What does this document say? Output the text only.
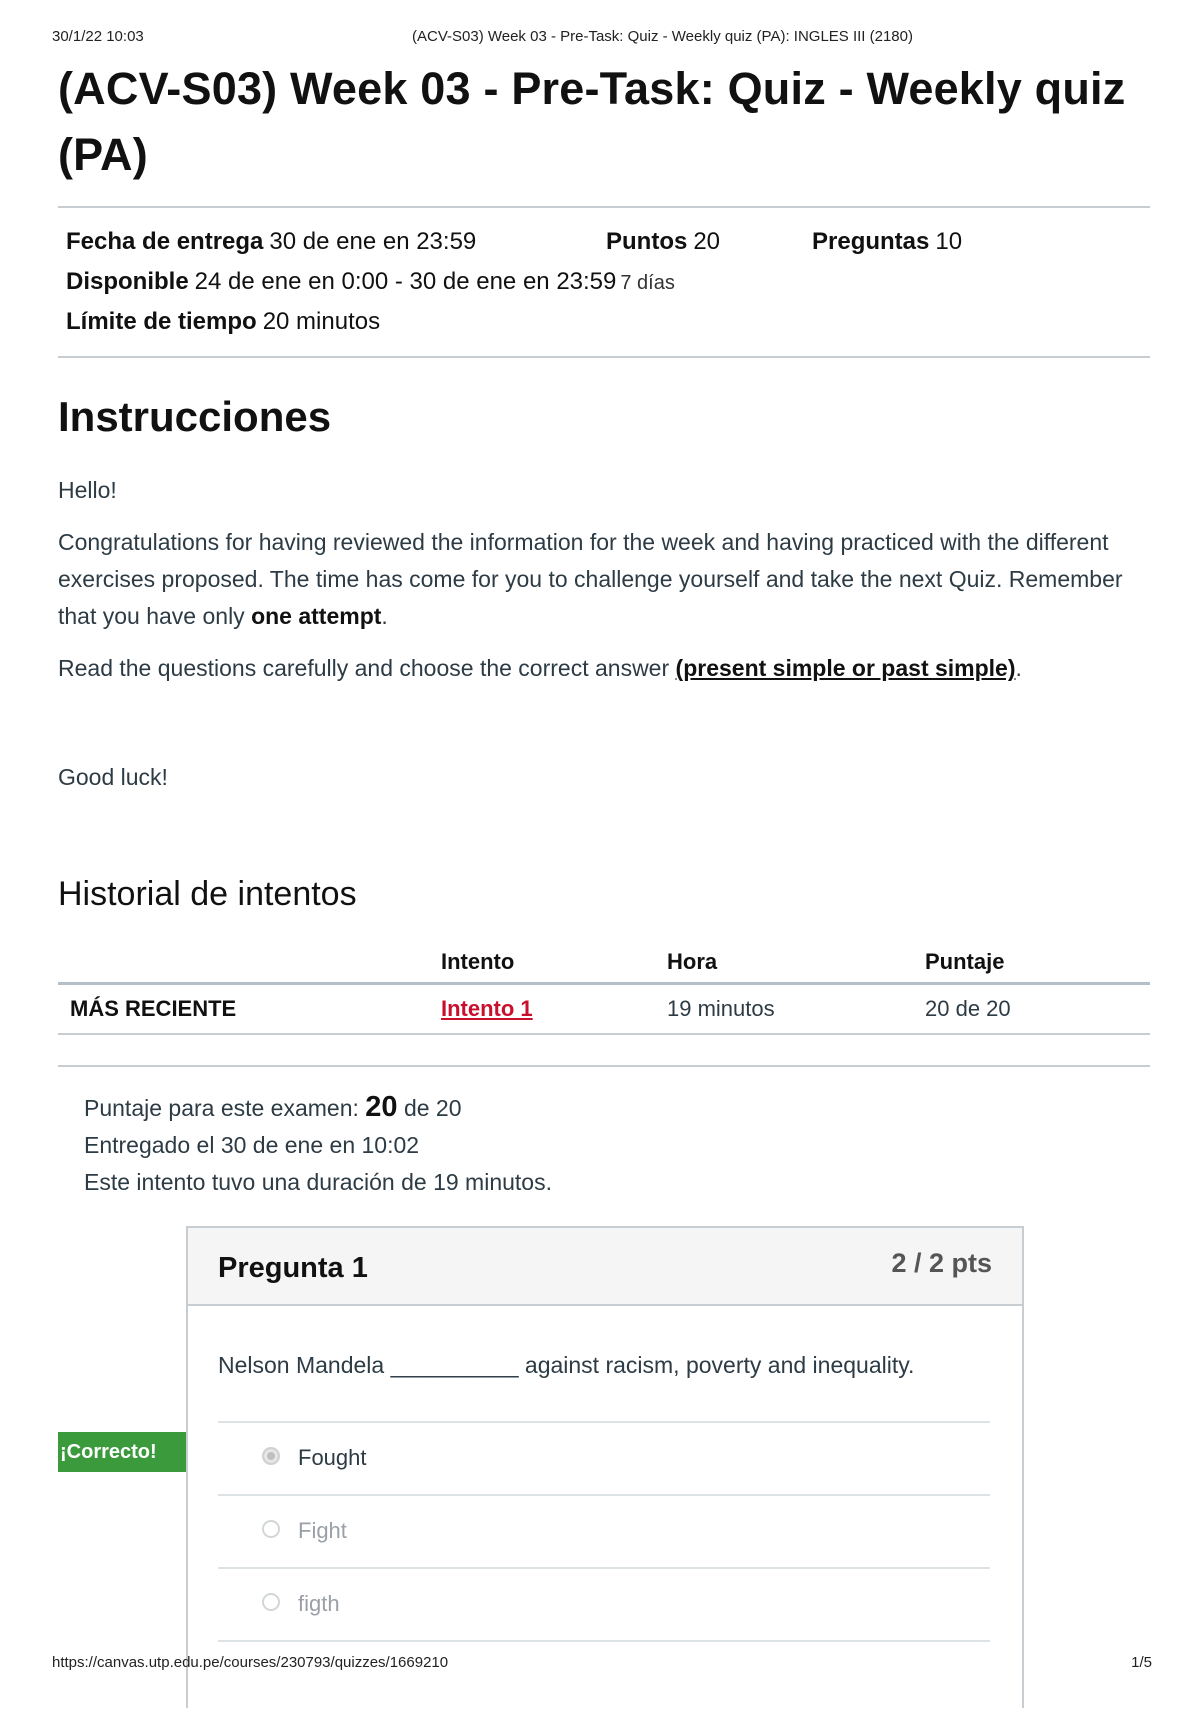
30/1/22 10:03	(ACV-S03) Week 03 - Pre-Task: Quiz - Weekly quiz (PA): INGLES III (2180)
(ACV-S03) Week 03 - Pre-Task: Quiz - Weekly quiz (PA)
Fecha de entrega 30 de ene en 23:59	Puntos 20	Preguntas 10
Disponible 24 de ene en 0:00 - 30 de ene en 23:59 7 días
Límite de tiempo 20 minutos
Instrucciones

Hello!

Congratulations for having reviewed the information for the week and having practiced with the different exercises proposed. The time has come for you to challenge yourself and take the next Quiz. Remember that you have only one attempt.

Read the questions carefully and choose the correct answer (present simple or past simple).

Good luck!

Historial de intentos
	Intento	Hora	Puntaje
MÁS RECIENTE	Intento 1	19 minutos	20 de 20
Puntaje para este examen: 20 de 20
Entregado el 30 de ene en 10:02
Este intento tuvo una duración de 19 minutos.
¡Correcto!
Pregunta 1	2 / 2 pts
Nelson Mandela __________ against racism, poverty and inequality.
Fought
Fight
figth
https://canvas.utp.edu.pe/courses/230793/quizzes/1669210	1/5
